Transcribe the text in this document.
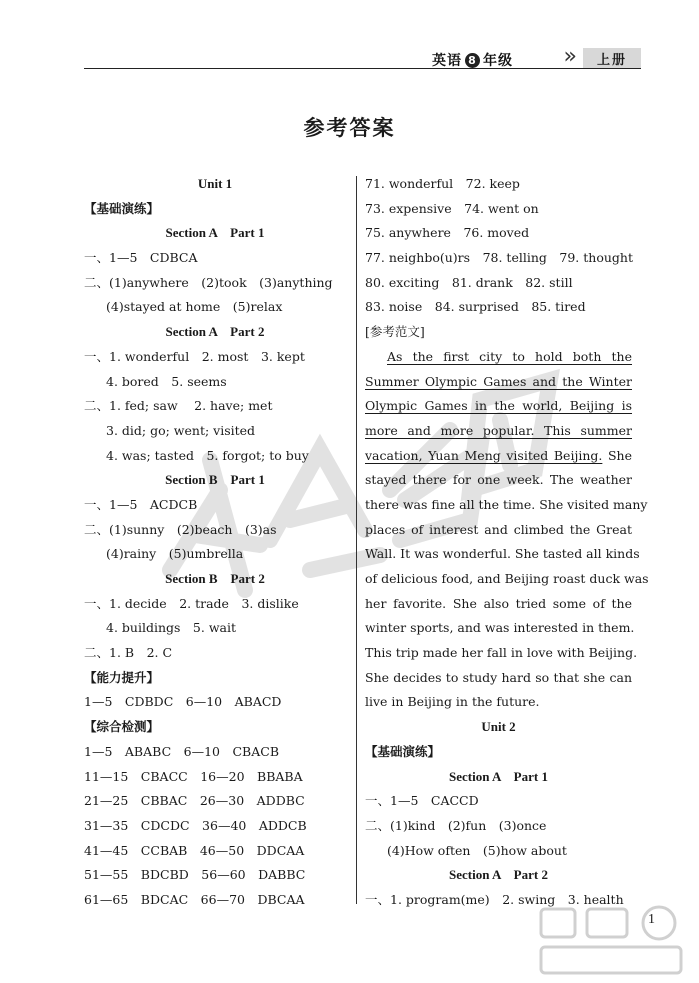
英语 8 年级 »	上册
参考答案
Unit 1
【基础演练】
Section A　Part 1
一、1—5　CDBCA
二、(1)anywhere　(2)took　(3)anything
(4)stayed at home　(5)relax
Section A　Part 2
一、1. wonderful　2. most　3. kept
4. bored　5. seems
二、1. fed; saw　 2. have; met
3. did; go; went; visited
4. was; tasted　5. forgot; to buy
Section B　Part 1
一、1—5　ACDCB
二、(1)sunny　(2)beach　(3)as
(4)rainy　(5)umbrella
Section B　Part 2
一、1. decide　2. trade　3. dislike
4. buildings　5. wait
二、1. B　2. C
【能力提升】
1—5　CDBDC　6—10　ABACD
【综合检测】
1—5　ABABC　6—10　CBACB
11—15　CBACC　16—20　BBABA
21—25　CBBAC　26—30　ADDBC
31—35　CDCDC　36—40　ADDCB
41—45　CCBAB　46—50　DDCAA
51—55　BDCBD　56—60　DABBC
61—65　BDCAC　66—70　DBCAA
71. wonderful　72. keep
73. expensive　74. went on
75. anywhere　76. moved
77. neighbo(u)rs　78. telling　79. thought
80. exciting　81. drank　82. still
83. noise　84. surprised　85. tired
[参考范文]
As the first city to hold both the
Summer Olympic Games and the Winter
Olympic Games in the world, Beijing is
more and more popular. This summer
vacation, Yuan Meng visited Beijing. She
stayed there for one week. The weather
there was fine all the time. She visited many
places of interest and climbed the Great
Wall. It was wonderful. She tasted all kinds
of delicious food, and Beijing roast duck was
her favorite. She also tried some of the
winter sports, and was interested in them.
This trip made her fall in love with Beijing.
She decides to study hard so that she can
live in Beijing in the future.
Unit 2
【基础演练】
Section A　Part 1
一、1—5　CACCD
二、(1)kind　(2)fun　(3)once
(4)How often　(5)how about
Section A　Part 2
一、1. program(me)　2. swing　3. health
1
